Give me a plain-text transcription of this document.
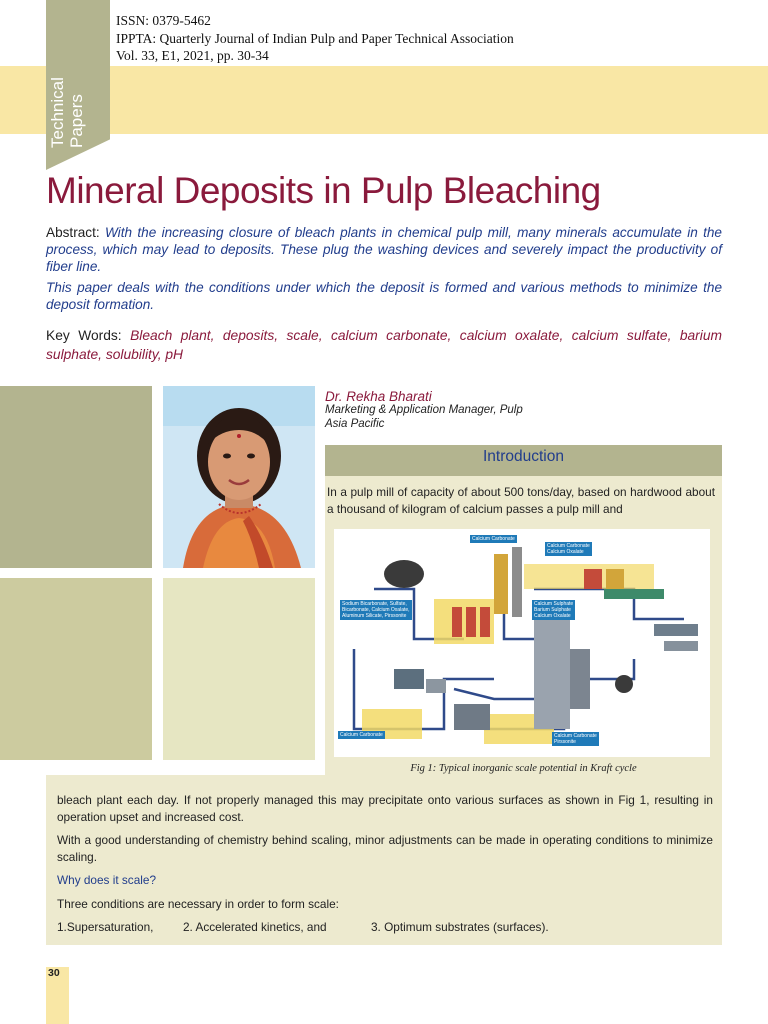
Technical
Papers
ISSN: 0379-5462
IPPTA: Quarterly Journal of Indian Pulp and Paper Technical Association
Vol. 33, E1, 2021, pp. 30-34
Mineral Deposits in Pulp Bleaching
Abstract: With the increasing closure of bleach plants in chemical pulp mill, many minerals accumulate in the process, which may lead to deposits. These plug the washing devices and severely impact the productivity of fiber line.
This paper deals with the conditions under which the deposit is formed and various methods to minimize the deposit formation.
Key Words: Bleach plant, deposits, scale, calcium carbonate, calcium oxalate, calcium sulfate, barium sulphate, solubility, pH
Dr. Rekha Bharati
Marketing & Application Manager, Pulp
Asia Pacific
Introduction
In a pulp mill of capacity of about 500 tons/day, based on hardwood about a thousand of kilogram of calcium passes a pulp mill and
Calcium Carbonate
Calcium Carbonate
Calcium Oxalate
Sodium Bicarbonate, Sulfate,
Bicarbonate, Calcium Oxalate,
Aluminum Silicate, Pirssonite
Calcium Sulphate
Barium Sulphate
Calcium Oxalate
Calcium Carbonate	Calcium Carbonate
Pirssonite
Fig 1: Typical inorganic scale potential in Kraft cycle
bleach plant each day. If not properly managed this may precipitate onto various surfaces as shown in Fig 1, resulting in operation upset and increased cost.
With a good understanding of chemistry behind scaling, minor adjustments can be made in operating conditions to minimize scaling.
Why does it scale?
Three conditions are necessary in order to form scale:
1.Supersaturation,	2. Accelerated kinetics, and	3. Optimum substrates (surfaces).
30
